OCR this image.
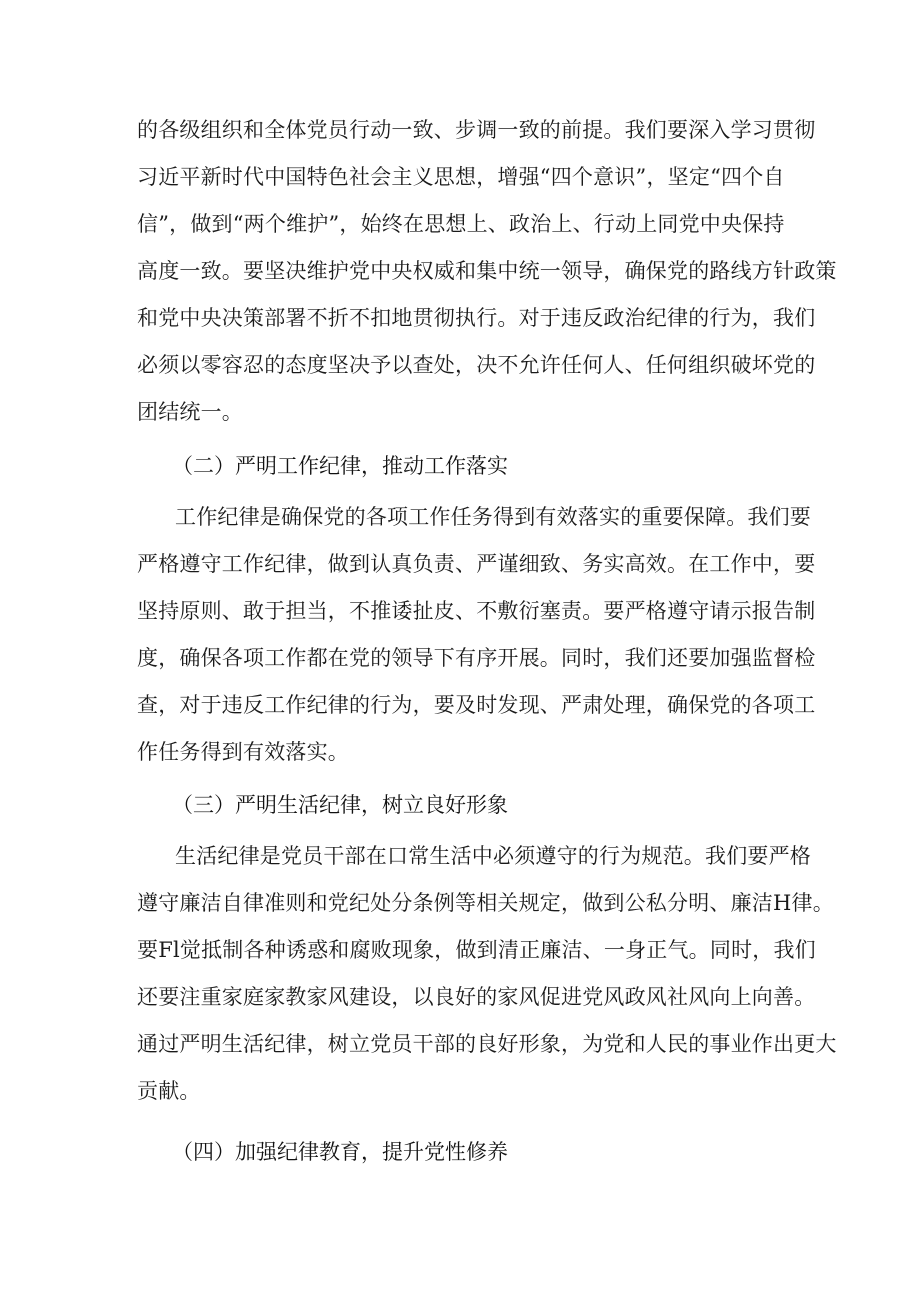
的各级组织和全体党员行动一致、步调一致的前提。我们要深入学习贯彻
习近平新时代中国特色社会主义思想，增强“四个意识”，坚定“四个自
信”，做到“两个维护”，始终在思想上、政治上、行动上同党中央保持
高度一致。要坚决维护党中央权威和集中统一领导，确保党的路线方针政策
和党中央决策部署不折不扣地贯彻执行。对于违反政治纪律的行为，我们
必须以零容忍的态度坚决予以查处，决不允许任何人、任何组织破坏党的
团结统一。
（二）严明工作纪律，推动工作落实
工作纪律是确保党的各项工作任务得到有效落实的重要保障。我们要
严格遵守工作纪律，做到认真负责、严谨细致、务实高效。在工作中，要
坚持原则、敢于担当，不推诿扯皮、不敷衍塞责。要严格遵守请示报告制
度，确保各项工作都在党的领导下有序开展。同时，我们还要加强监督检
查，对于违反工作纪律的行为，要及时发现、严肃处理，确保党的各项工
作任务得到有效落实。
（三）严明生活纪律，树立良好形象
生活纪律是党员干部在口常生活中必须遵守的行为规范。我们要严格
遵守廉洁自律准则和党纪处分条例等相关规定，做到公私分明、廉洁H律。
要Fl觉抵制各种诱惑和腐败现象，做到清正廉洁、一身正气。同时，我们
还要注重家庭家教家风建设，以良好的家风促进党风政风社风向上向善。
通过严明生活纪律，树立党员干部的良好形象，为党和人民的事业作出更大
贡献。
（四）加强纪律教育，提升党性修养
